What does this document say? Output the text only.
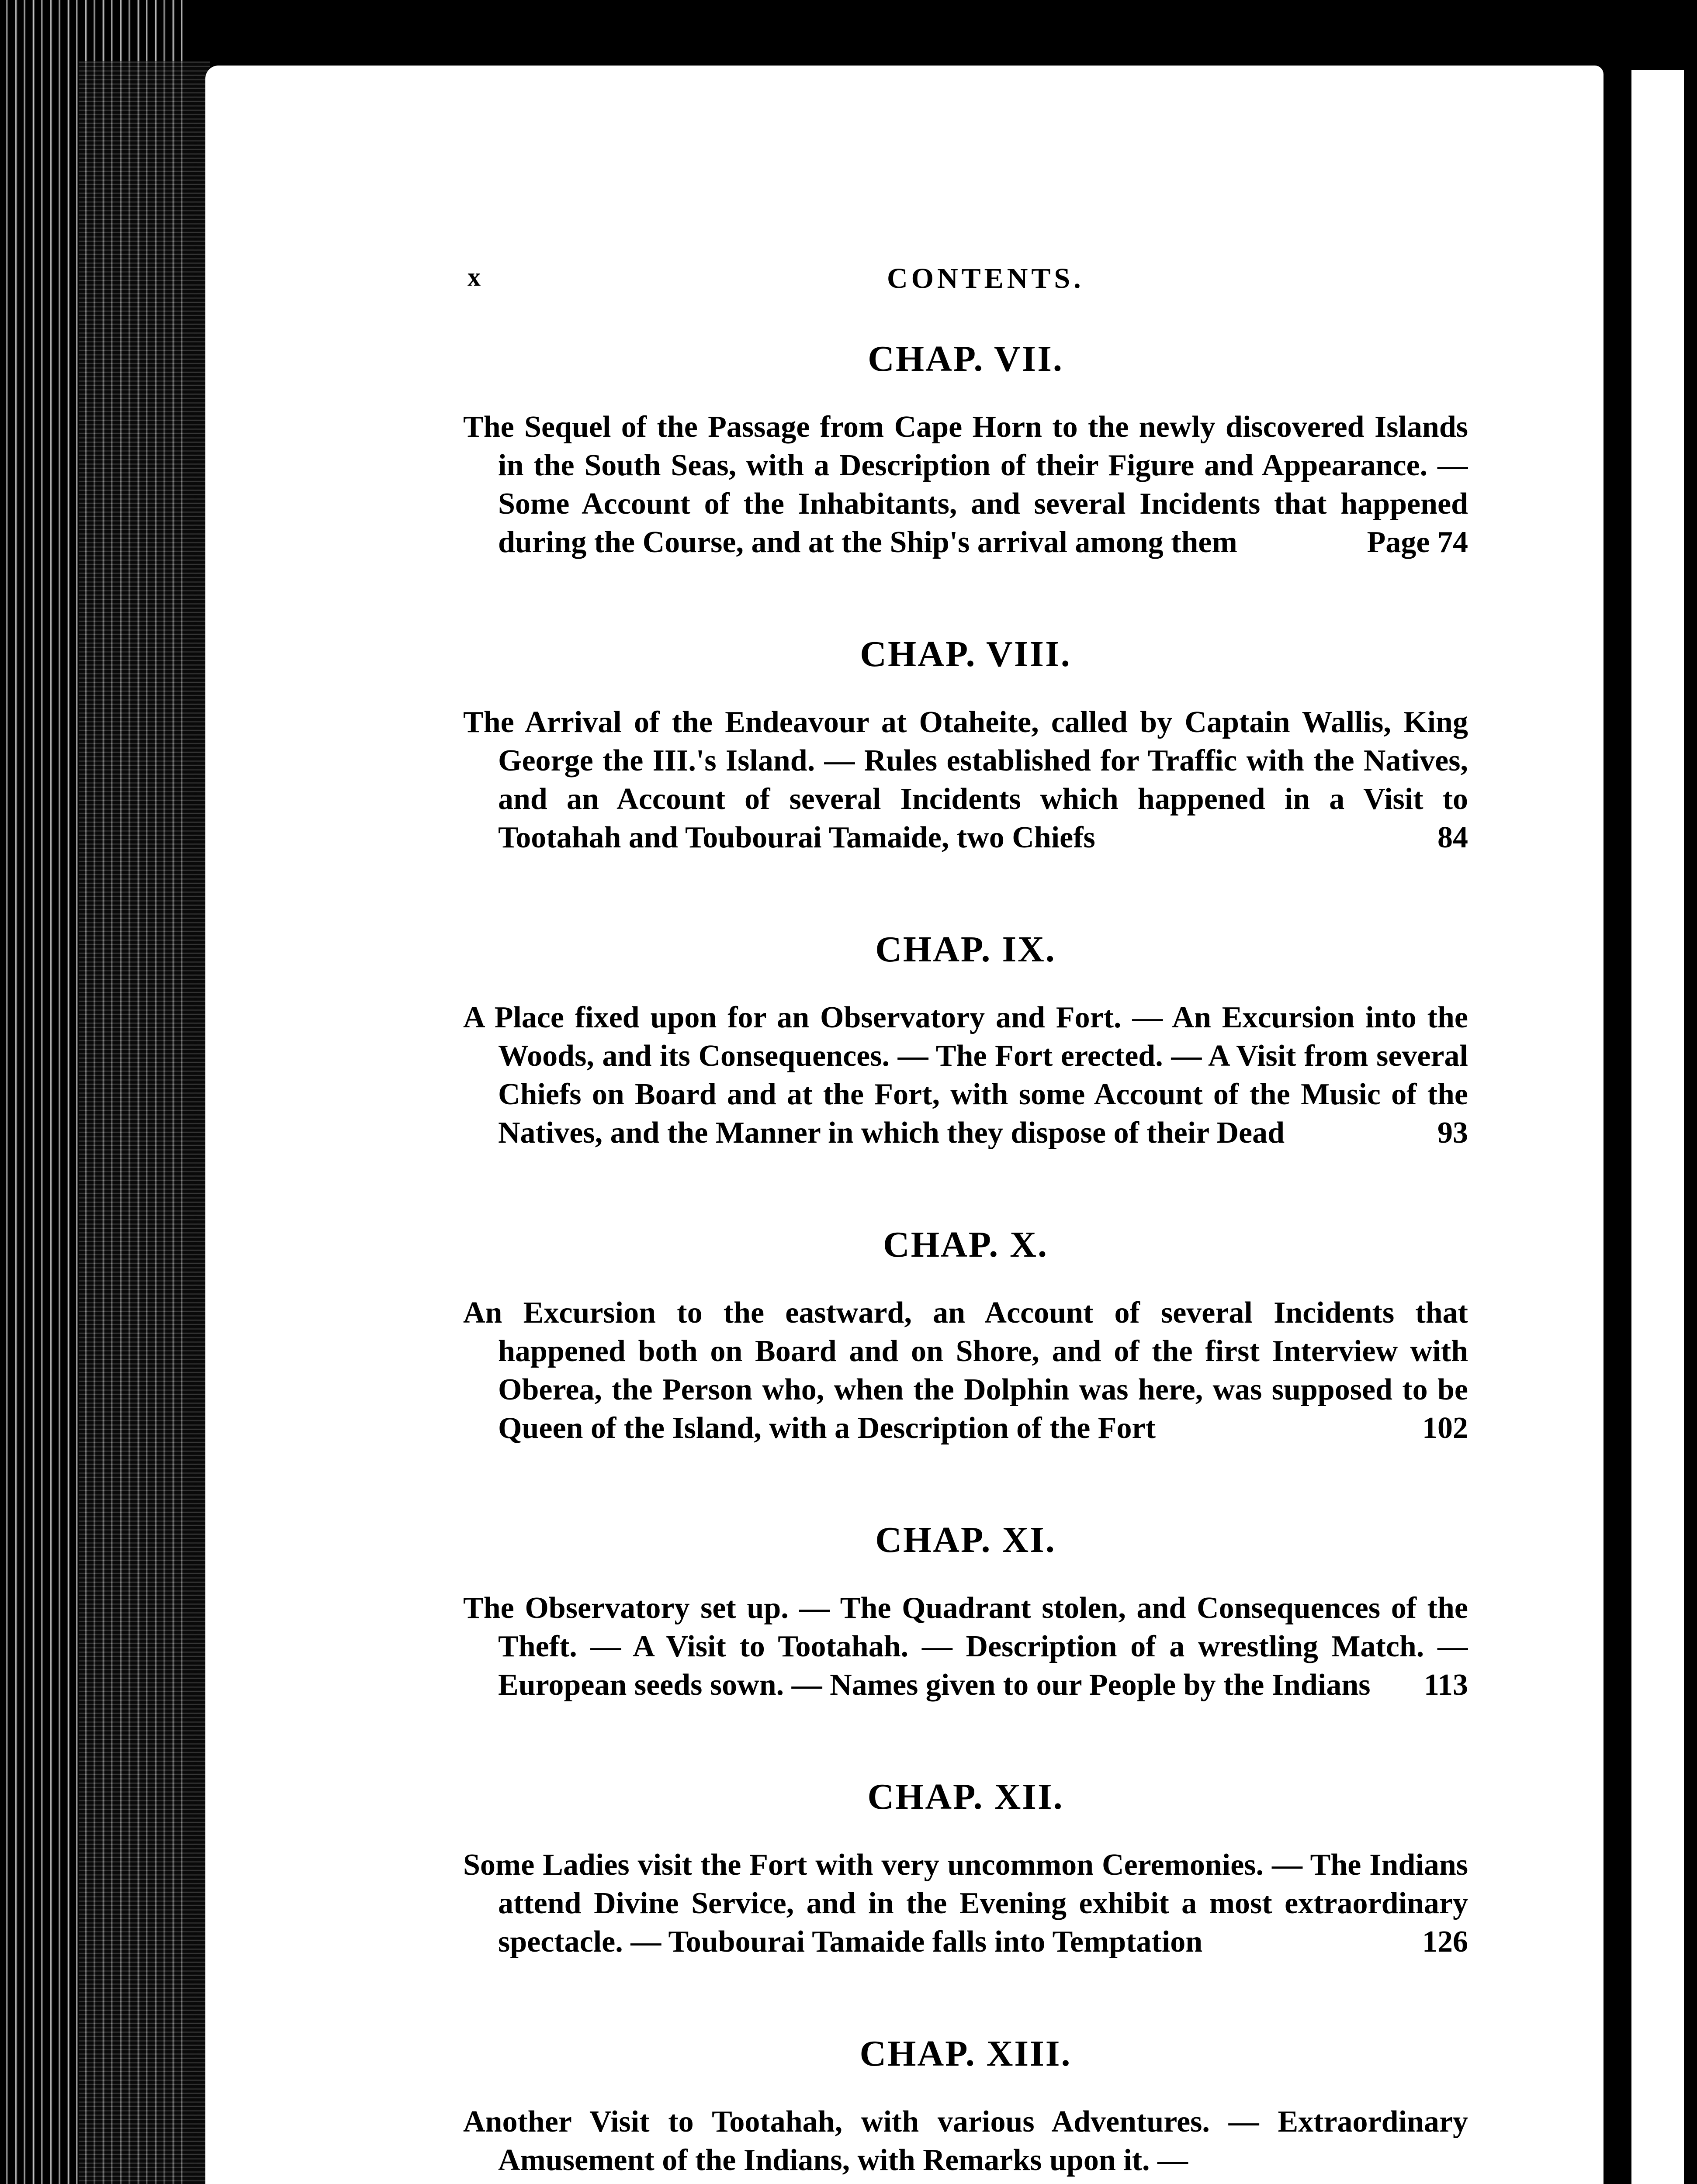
x	CONTENTS.

CHAP. VII.

The Sequel of the Passage from Cape Horn to the newly discovered Islands in the South Seas, with a Description of their Figure and Appearance. — Some Account of the Inhabitants, and several Incidents that happened during the Course, and at the Ship's arrival among them	Page 74

CHAP. VIII.

The Arrival of the Endeavour at Otaheite, called by Captain Wallis, King George the III.'s Island. — Rules established for Traffic with the Natives, and an Account of several Incidents which happened in a Visit to Tootahah and Toubourai Tamaide, two Chiefs	84

CHAP. IX.

A Place fixed upon for an Observatory and Fort. — An Excursion into the Woods, and its Consequences. — The Fort erected. — A Visit from several Chiefs on Board and at the Fort, with some Account of the Music of the Natives, and the Manner in which they dispose of their Dead	93

CHAP. X.

An Excursion to the eastward, an Account of several Incidents that happened both on Board and on Shore, and of the first Interview with Oberea, the Person who, when the Dolphin was here, was supposed to be Queen of the Island, with a Description of the Fort	102

CHAP. XI.

The Observatory set up. — The Quadrant stolen, and Consequences of the Theft. — A Visit to Tootahah. — Description of a wrestling Match. — European seeds sown. — Names given to our People by the Indians 113

CHAP. XII.

Some Ladies visit the Fort with very uncommon Ceremonies. — The Indians attend Divine Service, and in the Evening exhibit a most extraordinary spectacle. — Toubourai Tamaide falls into Temptation	126

CHAP. XIII.

Another Visit to Tootahah, with various Adventures. — Extraordinary Amusement of the Indians, with Remarks upon it. —
